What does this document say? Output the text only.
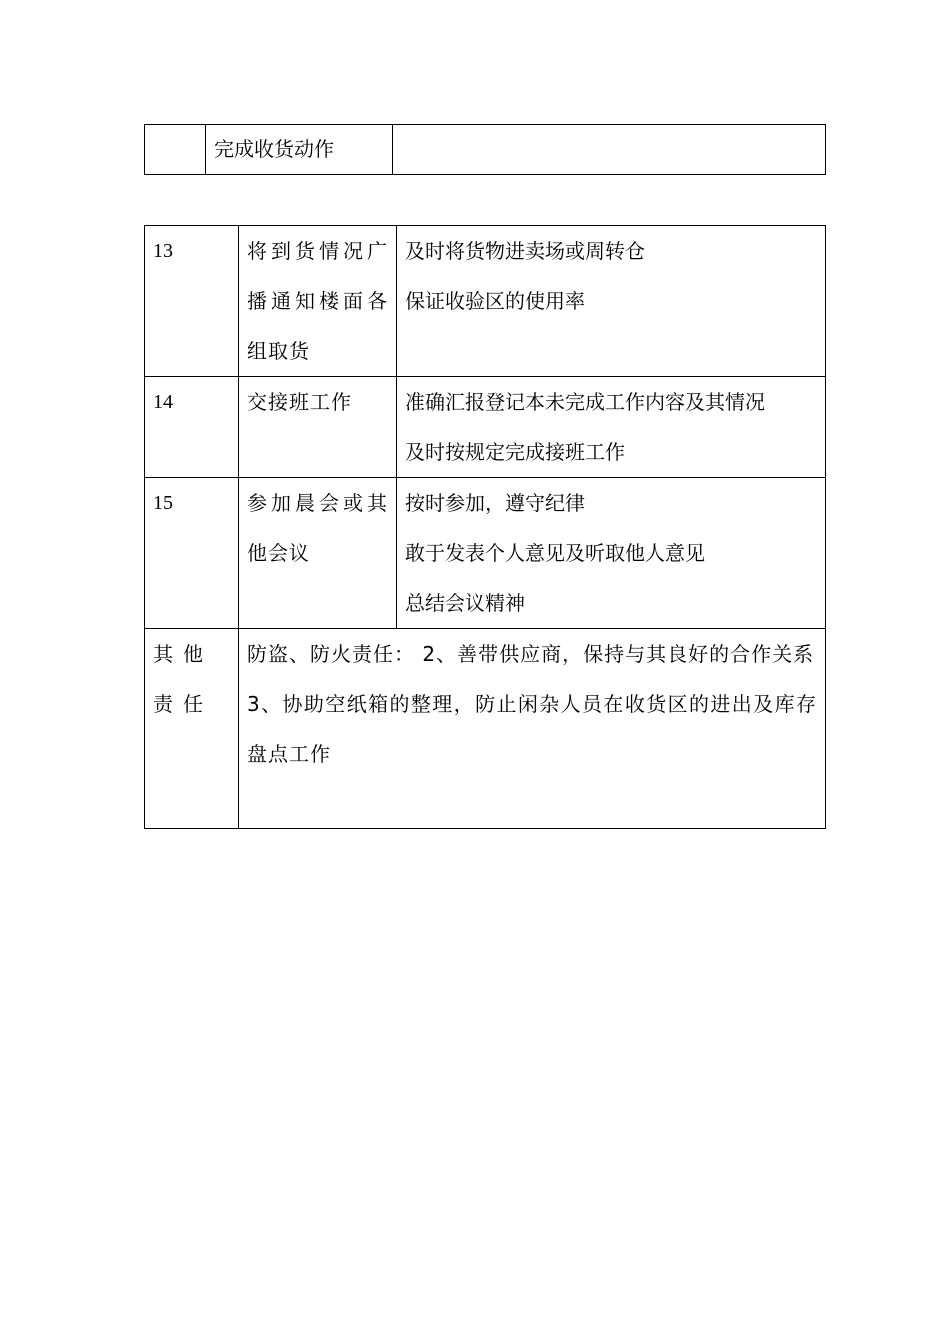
	完成收货动作	
13	将到货情况广播通知楼面各组取货	及时将货物进卖场或周转仓
保证收验区的使用率

14	交接班工作	准确汇报登记本未完成工作内容及其情况
及时按规定完成接班工作

15	参加晨会或其他会议	按时参加，遵守纪律
敢于发表个人意见及听取他人意见
总结会议精神

其他责任	防盗、防火责任： 2、善带供应商，保持与其良好的合作关系
3、协助空纸箱的整理，防止闲杂人员在收货区的进出及库存盘点工作	
